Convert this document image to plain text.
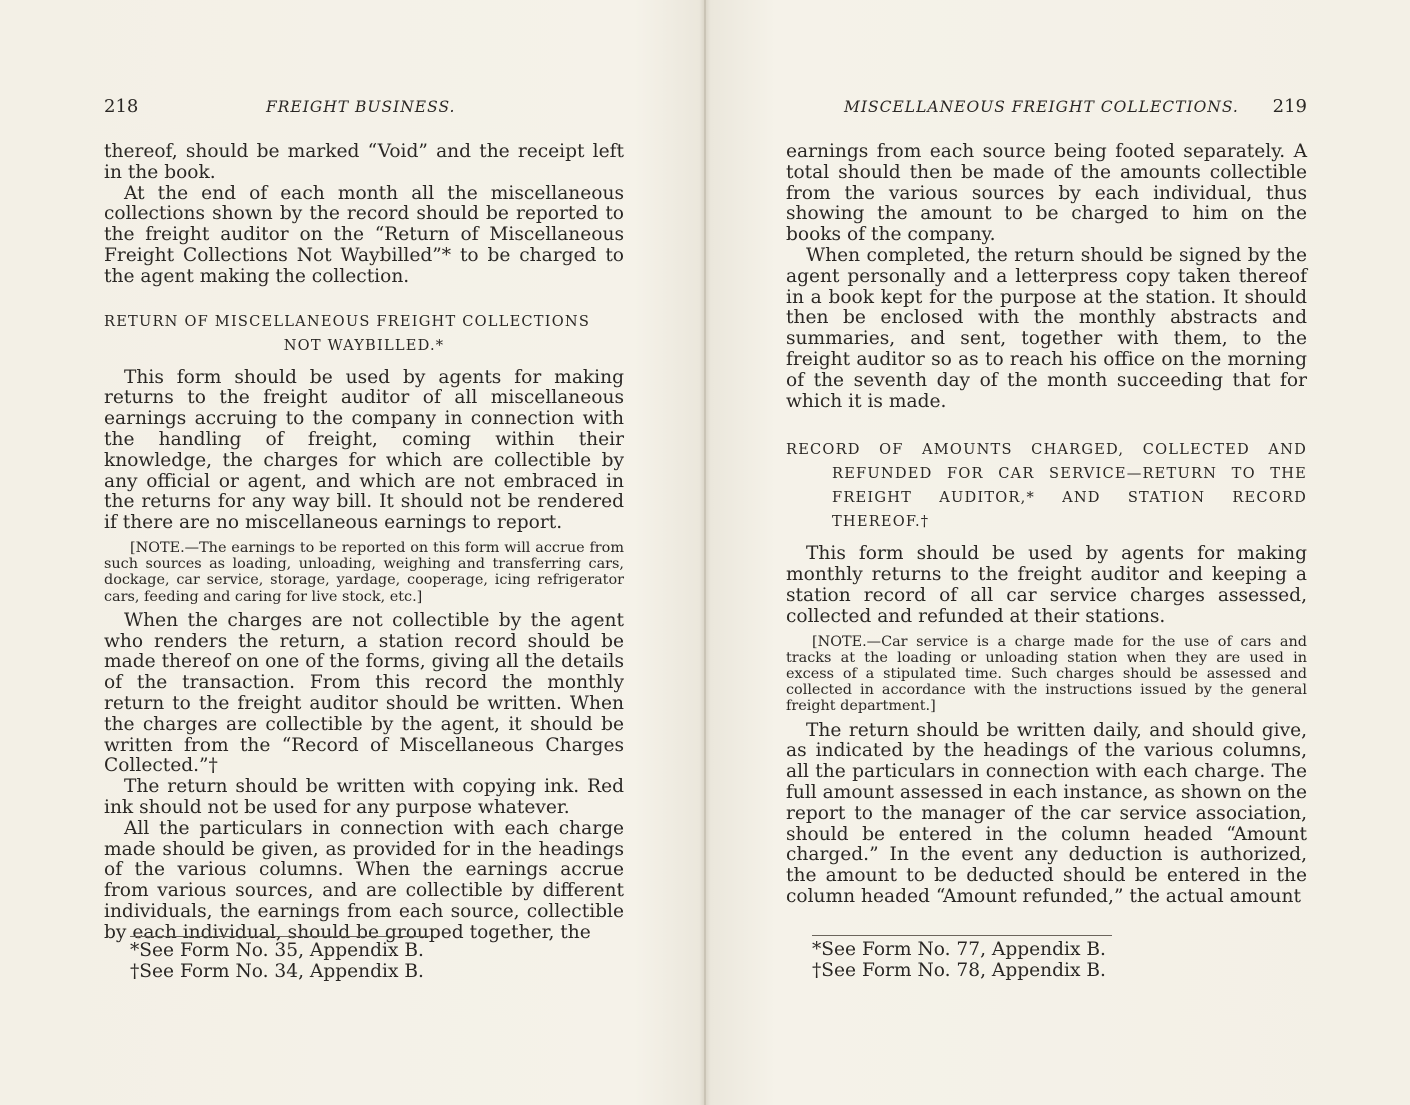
218	FREIGHT BUSINESS.

thereof, should be marked “Void” and the receipt left in the book.

At the end of each month all the miscellaneous collections shown by the record should be reported to the freight auditor on the “Return of Miscellaneous Freight Collections Not Waybilled”* to be charged to the agent making the collection.

RETURN OF MISCELLANEOUS FREIGHT COLLECTIONS
NOT WAYBILLED.*

This form should be used by agents for making returns to the freight auditor of all miscellaneous earnings accruing to the company in connection with the handling of freight, coming within their knowledge, the charges for which are collectible by any official or agent, and which are not embraced in the returns for any way bill. It should not be rendered if there are no miscellaneous earnings to report.

[NOTE.—The earnings to be reported on this form will accrue from such sources as loading, unloading, weighing and transferring cars, dockage, car service, storage, yardage, cooperage, icing refrigerator cars, feeding and caring for live stock, etc.]

When the charges are not collectible by the agent who renders the return, a station record should be made thereof on one of the forms, giving all the details of the transaction. From this record the monthly return to the freight auditor should be written. When the charges are collectible by the agent, it should be written from the “Record of Miscellaneous Charges Collected.”†

The return should be written with copying ink. Red ink should not be used for any purpose whatever.

All the particulars in connection with each charge made should be given, as provided for in the headings of the various columns. When the earnings accrue from various sources, and are collectible by different individuals, the earnings from each source, collectible by each individual, should be grouped together, the

*See Form No. 35, Appendix B.

†See Form No. 34, Appendix B.

MISCELLANEOUS FREIGHT COLLECTIONS. 219

earnings from each source being footed separately. A total should then be made of the amounts collectible from the various sources by each individual, thus showing the amount to be charged to him on the books of the company.

When completed, the return should be signed by the agent personally and a letterpress copy taken thereof in a book kept for the purpose at the station. It should then be enclosed with the monthly abstracts and summaries, and sent, together with them, to the freight auditor so as to reach his office on the morning of the seventh day of the month succeeding that for which it is made.

RECORD OF AMOUNTS CHARGED, COLLECTED AND REFUNDED FOR CAR SERVICE—RETURN TO THE FREIGHT AUDITOR,* AND STATION RECORD THEREOF.†

This form should be used by agents for making monthly returns to the freight auditor and keeping a station record of all car service charges assessed, collected and refunded at their stations.

[NOTE.—Car service is a charge made for the use of cars and tracks at the loading or unloading station when they are used in excess of a stipulated time. Such charges should be assessed and collected in accordance with the instructions issued by the general freight department.]

The return should be written daily, and should give, as indicated by the headings of the various columns, all the particulars in connection with each charge. The full amount assessed in each instance, as shown on the report to the manager of the car service association, should be entered in the column headed “Amount charged.” In the event any deduction is authorized, the amount to be deducted should be entered in the column headed “Amount refunded,” the actual amount

*See Form No. 77, Appendix B.

†See Form No. 78, Appendix B.
